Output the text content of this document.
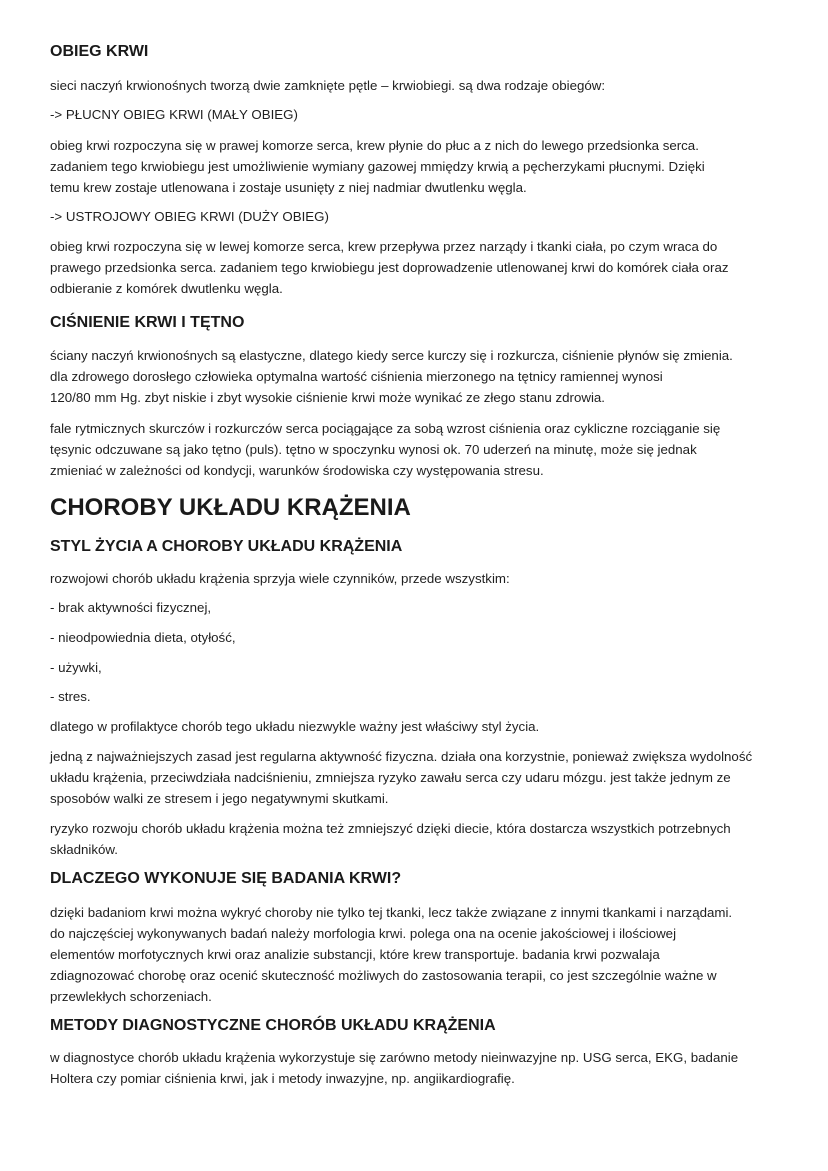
OBIEG KRWI

sieci naczyń krwionośnych tworzą dwie zamknięte pętle – krwiobiegi. są dwa rodzaje obiegów:

-> PŁUCNY OBIEG KRWI (MAŁY OBIEG)

obieg krwi rozpoczyna się w prawej komorze serca, krew płynie do płuc a z nich do lewego przedsionka serca.
zadaniem tego krwiobiegu jest umożliwienie wymiany gazowej mmiędzy krwią a pęcherzykami płucnymi. Dzięki
temu krew zostaje utlenowana i zostaje usunięty z niej nadmiar dwutlenku węgla.

-> USTROJOWY OBIEG KRWI (DUŻY OBIEG)

obieg krwi rozpoczyna się w lewej komorze serca, krew przepływa przez narządy i tkanki ciała, po czym wraca do
prawego przedsionka serca. zadaniem tego krwiobiegu jest doprowadzenie utlenowanej krwi do komórek ciała oraz
odbieranie z komórek dwutlenku węgla.

CIŚNIENIE KRWI I TĘTNO

ściany naczyń krwionośnych są elastyczne, dlatego kiedy serce kurczy się i rozkurcza, ciśnienie płynów się zmienia.
dla zdrowego dorosłego człowieka optymalna wartość ciśnienia mierzonego na tętnicy ramiennej wynosi
120/80 mm Hg. zbyt niskie i zbyt wysokie ciśnienie krwi może wynikać ze złego stanu zdrowia.

fale rytmicznych skurczów i rozkurczów serca pociągające za sobą wzrost ciśnienia oraz cykliczne rozciąganie się
tęsynic odczuwane są jako tętno (puls). tętno w spoczynku wynosi ok. 70 uderzeń na minutę, może się jednak
zmieniać w zależności od kondycji, warunków środowiska czy występowania stresu.

CHOROBY UKŁADU KRĄŻENIA
STYL ŻYCIA A CHOROBY UKŁADU KRĄŻENIA

rozwojowi chorób układu krążenia sprzyja wiele czynników, przede wszystkim:

- brak aktywności fizycznej,

- nieodpowiednia dieta, otyłość,

- używki,

- stres.

dlatego w profilaktyce chorób tego układu niezwykle ważny jest właściwy styl życia.

jedną z najważniejszych zasad jest regularna aktywność fizyczna. działa ona korzystnie, ponieważ zwiększa wydolność
układu krążenia, przeciwdziała nadciśnieniu, zmniejsza ryzyko zawału serca czy udaru mózgu. jest także jednym ze
sposobów walki ze stresem i jego negatywnymi skutkami.

ryzyko rozwoju chorób układu krążenia można też zmniejszyć dzięki diecie, która dostarcza wszystkich potrzebnych
składników.

DLACZEGO WYKONUJE SIĘ BADANIA KRWI?

dzięki badaniom krwi można wykryć choroby nie tylko tej tkanki, lecz także związane z innymi tkankami i narządami.
do najczęściej wykonywanych badań należy morfologia krwi. polega ona na ocenie jakościowej i ilościowej
elementów morfotycznych krwi oraz analizie substancji, które krew transportuje. badania krwi pozwalaja
zdiagnozować chorobę oraz ocenić skuteczność możliwych do zastosowania terapii, co jest szczególnie ważne w
przewlekłych schorzeniach.

METODY DIAGNOSTYCZNE CHORÓB UKŁADU KRĄŻENIA

w diagnostyce chorób układu krążenia wykorzystuje się zarówno metody nieinwazyjne np. USG serca, EKG, badanie
Holtera czy pomiar ciśnienia krwi, jak i metody inwazyjne, np. angiikardiografię.
